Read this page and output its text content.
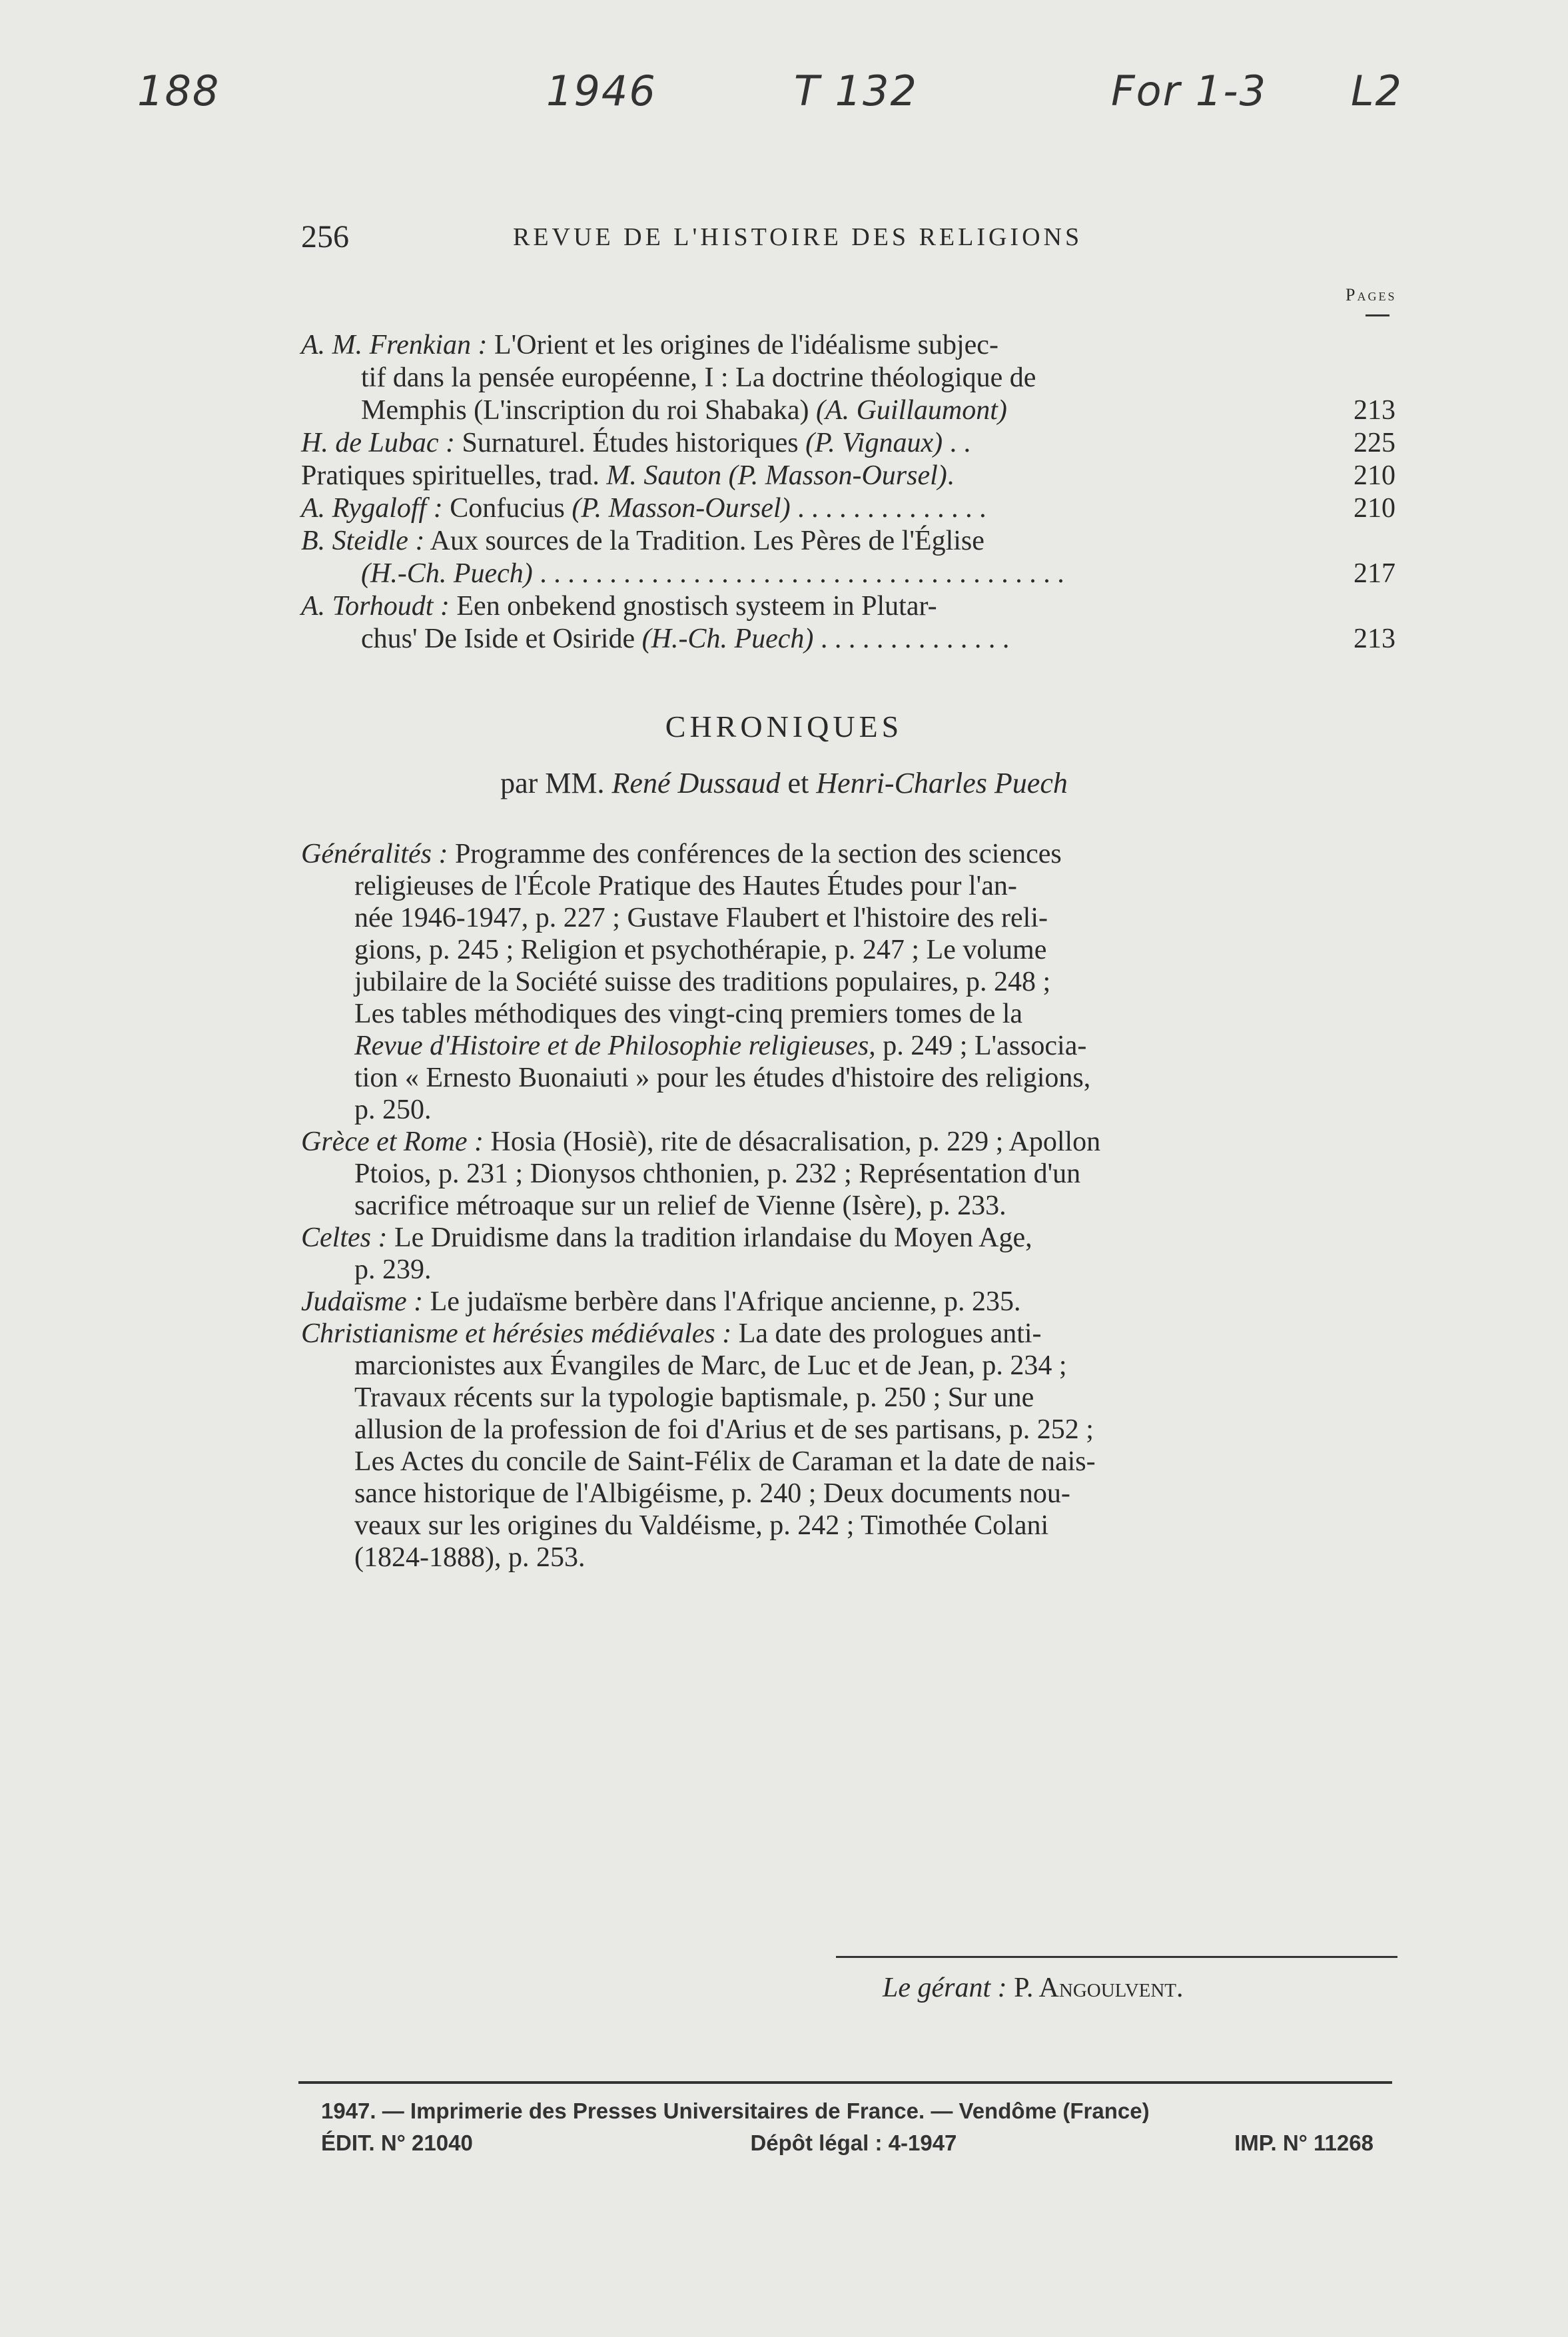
188	1946	T 132	For 1-3 L2
256	REVUE DE L'HISTOIRE DES RELIGIONS
Pages
A. M. Frenkian : L'Orient et les origines de l'idéalisme subjec-
tif dans la pensée européenne, I : La doctrine théologique de
Memphis (L'inscription du roi Shabaka) (A. Guillaumont)	213
H. de Lubac : Surnaturel. Études historiques (P. Vignaux) . .	225
Pratiques spirituelles, trad. M. Sauton (P. Masson-Oursel).	210
A. Rygaloff : Confucius (P. Masson-Oursel) . . . . . . . . . . . . . .	210
B. Steidle : Aux sources de la Tradition. Les Pères de l'Église
(H.-Ch. Puech) . . . . . . . . . . . . . . . . . . . . . . . . . . . . . . . . . . . . . .	217
A. Torhoudt : Een onbekend gnostisch systeem in Plutar-
chus' De Iside et Osiride (H.-Ch. Puech) . . . . . . . . . . . . . .	213
CHRONIQUES
par MM. René Dussaud et Henri-Charles Puech
Généralités : Programme des conférences de la section des sciences
religieuses de l'École Pratique des Hautes Études pour l'an-
née 1946-1947, p. 227 ; Gustave Flaubert et l'histoire des reli-
gions, p. 245 ; Religion et psychothérapie, p. 247 ; Le volume
jubilaire de la Société suisse des traditions populaires, p. 248 ;
Les tables méthodiques des vingt-cinq premiers tomes de la
Revue d'Histoire et de Philosophie religieuses, p. 249 ; L'associa-
tion « Ernesto Buonaiuti » pour les études d'histoire des religions,
p. 250.
Grèce et Rome : Hosia (Hosiè), rite de désacralisation, p. 229 ; Apollon
Ptoios, p. 231 ; Dionysos chthonien, p. 232 ; Représentation d'un
sacrifice métroaque sur un relief de Vienne (Isère), p. 233.
Celtes : Le Druidisme dans la tradition irlandaise du Moyen Age,
p. 239.
Judaïsme : Le judaïsme berbère dans l'Afrique ancienne, p. 235.
Christianisme et hérésies médiévales : La date des prologues anti-
marcionistes aux Évangiles de Marc, de Luc et de Jean, p. 234 ;
Travaux récents sur la typologie baptismale, p. 250 ; Sur une
allusion de la profession de foi d'Arius et de ses partisans, p. 252 ;
Les Actes du concile de Saint-Félix de Caraman et la date de nais-
sance historique de l'Albigéisme, p. 240 ; Deux documents nou-
veaux sur les origines du Valdéisme, p. 242 ; Timothée Colani
(1824-1888), p. 253.
Le gérant : P. Angoulvent.
1947. — Imprimerie des Presses Universitaires de France. — Vendôme (France)
ÉDIT. N° 21040	Dépôt légal : 4-1947	IMP. N° 11268
